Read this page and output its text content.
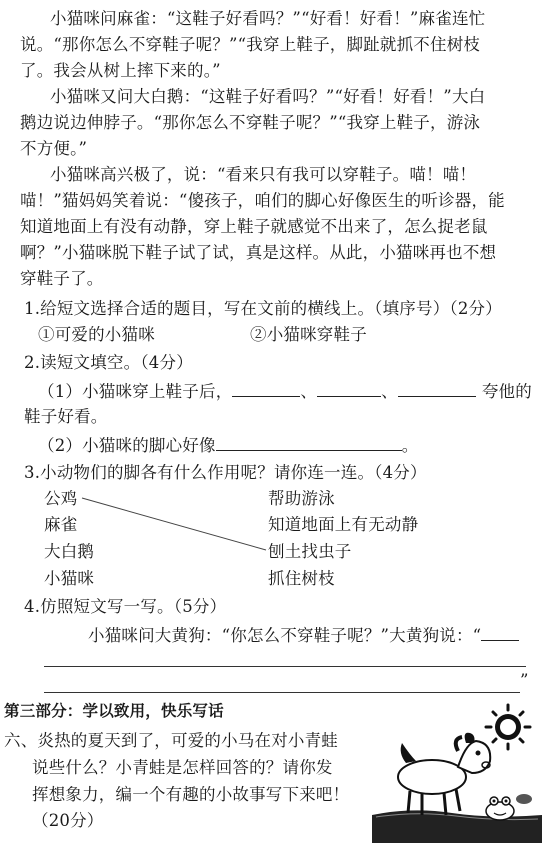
小猫咪问麻雀：“这鞋子好看吗？”“好看！好看！”麻雀连忙
说。“那你怎么不穿鞋子呢？”“我穿上鞋子，脚趾就抓不住树枝
了。我会从树上摔下来的。”
小猫咪又问大白鹅：“这鞋子好看吗？”“好看！好看！”大白
鹅边说边伸脖子。“那你怎么不穿鞋子呢？”“我穿上鞋子，游泳
不方便。”
小猫咪高兴极了，说：“看来只有我可以穿鞋子。喵！喵！
喵！”猫妈妈笑着说：“傻孩子，咱们的脚心好像医生的听诊器，能
知道地面上有没有动静，穿上鞋子就感觉不出来了，怎么捉老鼠
啊？”小猫咪脱下鞋子试了试，真是这样。从此，小猫咪再也不想
穿鞋子了。
1.给短文选择合适的题目，写在文前的横线上。（填序号）（2分）
①可爱的小猫咪	②小猫咪穿鞋子
2.读短文填空。（4分）
（1）小猫咪穿上鞋子后，	、	、	夸他的
鞋子好看。
（2）小猫咪的脚心好像	。
3.小动物们的脚各有什么作用呢？请你连一连。（4分）
公鸡
麻雀
大白鹅
小猫咪
帮助游泳
知道地面上有无动静
刨土找虫子
抓住树枝
4.仿照短文写一写。（5分）
小猫咪问大黄狗：“你怎么不穿鞋子呢？”大黄狗说：“
”
第三部分：学以致用，快乐写话
六、炎热的夏天到了，可爱的小马在对小青蛙
说些什么？小青蛙是怎样回答的？请你发
挥想象力，编一个有趣的小故事写下来吧！
（20分）
